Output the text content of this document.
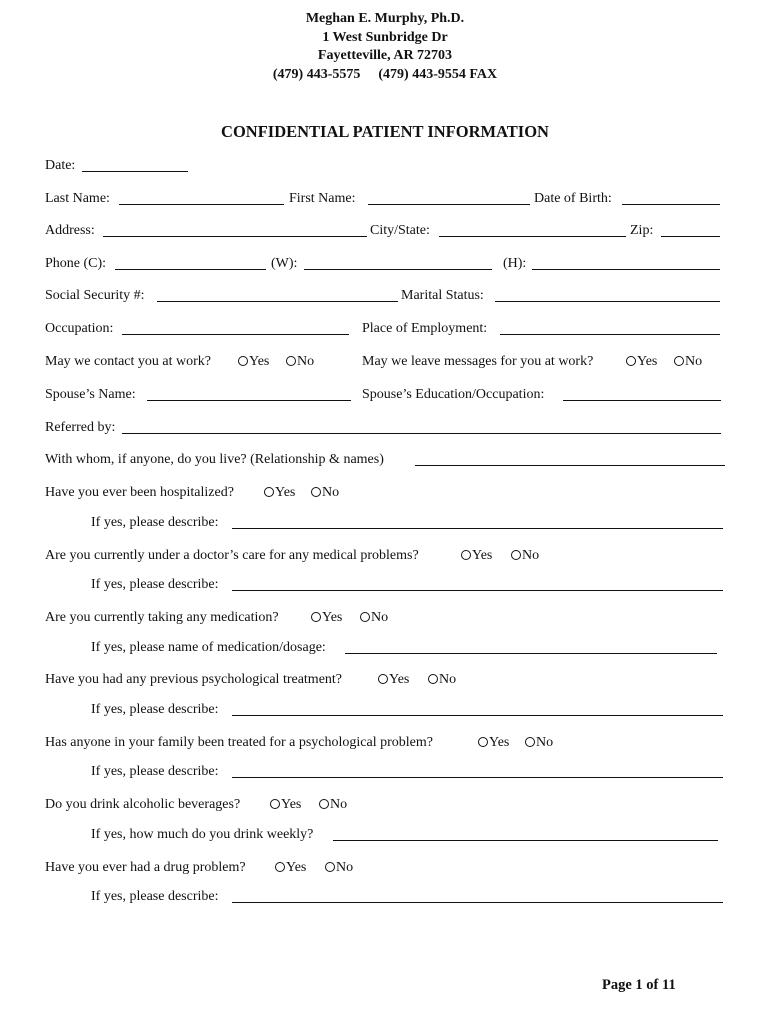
Meghan E. Murphy, Ph.D.
1 West Sunbridge Dr
Fayetteville, AR 72703
(479) 443-5575 (479) 443-9554 FAX
CONFIDENTIAL PATIENT INFORMATION
Date:
Last Name:	First Name:	Date of Birth:
Address:	City/State:	Zip:
Phone (C):	(W):	(H):
Social Security #:	Marital Status:
Occupation:	Place of Employment:
May we contact you at work?	Yes	No	May we leave messages for you at work?	Yes	No
Spouse’s Name:	Spouse’s Education/Occupation:
Referred by:
With whom, if anyone, do you live? (Relationship & names)
Have you ever been hospitalized?	Yes	No
If yes, please describe:
Are you currently under a doctor’s care for any medical problems?	Yes	No
If yes, please describe:
Are you currently taking any medication?	Yes	No
If yes, please name of medication/dosage:
Have you had any previous psychological treatment?	Yes	No
If yes, please describe:
Has anyone in your family been treated for a psychological problem?	Yes	No
If yes, please describe:
Do you drink alcoholic beverages?	Yes	No
If yes, how much do you drink weekly?
Have you ever had a drug problem?	Yes	No
If yes, please describe:
Page 1 of 11
